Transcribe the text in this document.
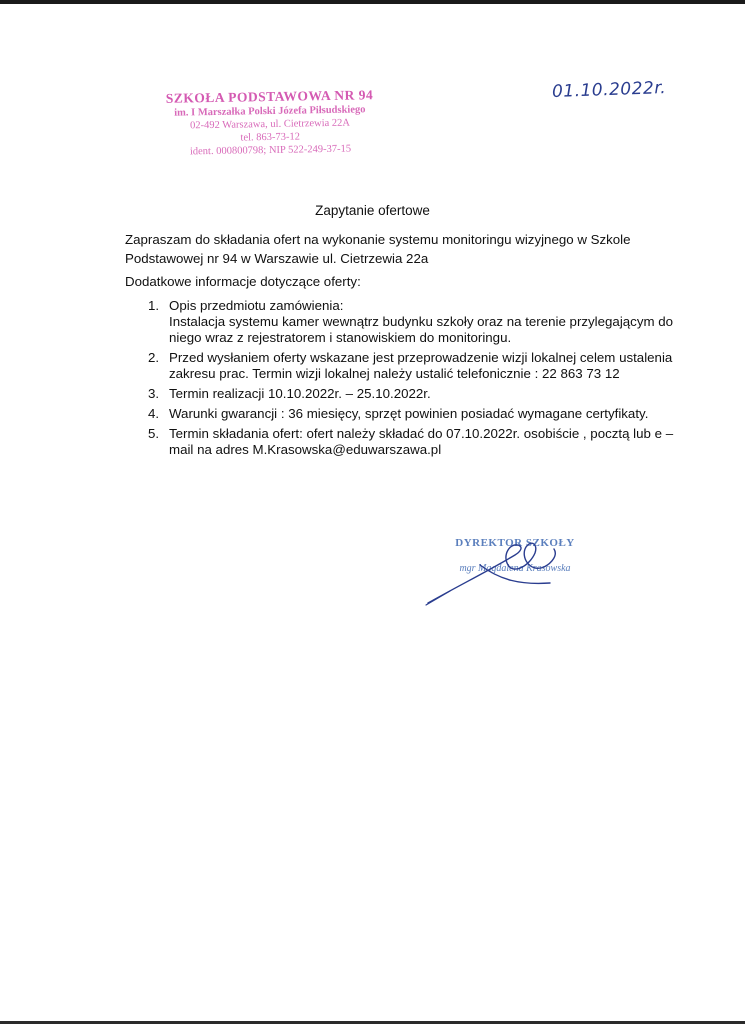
SZKOŁA PODSTAWOWA NR 94
im. I Marszałka Polski Józefa Piłsudskiego
02-492 Warszawa, ul. Cietrzewia 22A
tel. 863-73-12
ident. 000800798; NIP 522-249-37-15
01.10.2022r.
Zapytanie ofertowe
Zapraszam do składania ofert na wykonanie systemu monitoringu wizyjnego w Szkole Podstawowej nr 94 w Warszawie ul. Cietrzewia 22a
Dodatkowe informacje dotyczące oferty:
1. Opis przedmiotu zamówienia:
Instalacja systemu kamer wewnątrz budynku szkoły oraz na terenie przylegającym do niego wraz z rejestratorem i stanowiskiem do monitoringu.
2. Przed wysłaniem oferty wskazane jest przeprowadzenie wizji lokalnej celem ustalenia zakresu prac. Termin wizji lokalnej należy ustalić telefonicznie : 22 863 73 12
3. Termin realizacji 10.10.2022r. – 25.10.2022r.
4. Warunki gwarancji : 36 miesięcy, sprzęt powinien posiadać wymagane certyfikaty.
5. Termin składania ofert: ofert należy składać do 07.10.2022r. osobiście , pocztą lub e – mail na adres M.Krasowska@eduwarszawa.pl
DYREKTOR SZKOŁY
mgr Magdalena Krasowska
